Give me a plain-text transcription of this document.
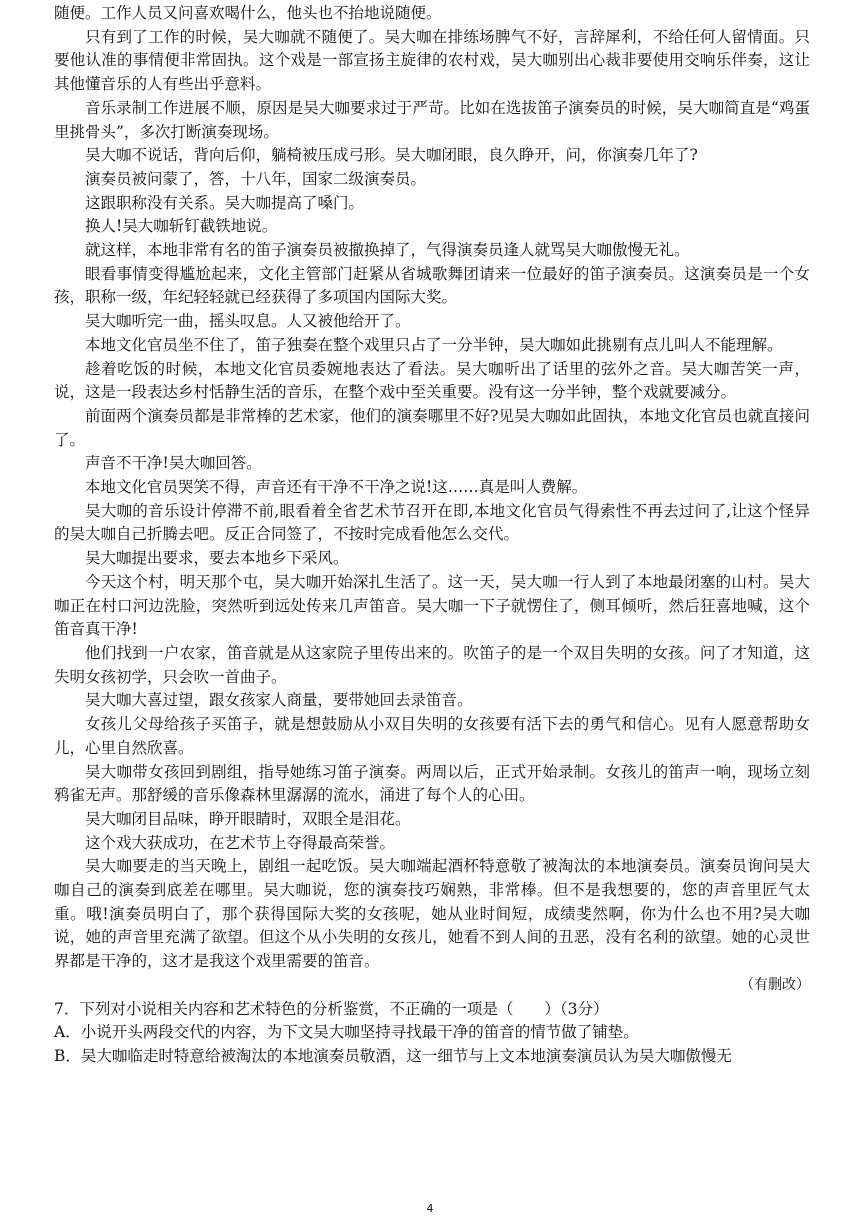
随便。工作人员又问喜欢喝什么，他头也不抬地说随便。

只有到了工作的时候，吴大咖就不随便了。吴大咖在排练场脾气不好，言辞犀利，不给任何人留情面。只要他认准的事情便非常固执。这个戏是一部宣扬主旋律的农村戏，吴大咖别出心裁非要使用交响乐伴奏，这让其他懂音乐的人有些出乎意料。

音乐录制工作进展不顺，原因是吴大咖要求过于严苛。比如在选拔笛子演奏员的时候，吴大咖简直是“鸡蛋里挑骨头”，多次打断演奏现场。

吴大咖不说话，背向后仰，躺椅被压成弓形。吴大咖闭眼，良久睁开，问，你演奏几年了?

演奏员被问蒙了，答，十八年，国家二级演奏员。

这跟职称没有关系。吴大咖提高了嗓门。

换人!吴大咖斩钉截铁地说。

就这样，本地非常有名的笛子演奏员被撤换掉了，气得演奏员逢人就骂吴大咖傲慢无礼。

眼看事情变得尴尬起来，文化主管部门赶紧从省城歌舞团请来一位最好的笛子演奏员。这演奏员是一个女孩，职称一级，年纪轻轻就已经获得了多项国内国际大奖。

吴大咖听完一曲，摇头叹息。人又被他给开了。

本地文化官员坐不住了，笛子独奏在整个戏里只占了一分半钟，吴大咖如此挑剔有点儿叫人不能理解。

趁着吃饭的时候，本地文化官员委婉地表达了看法。吴大咖听出了话里的弦外之音。吴大咖苦笑一声，说，这是一段表达乡村恬静生活的音乐，在整个戏中至关重要。没有这一分半钟，整个戏就要减分。

前面两个演奏员都是非常棒的艺术家，他们的演奏哪里不好?见吴大咖如此固执，本地文化官员也就直接问了。

声音不干净!吴大咖回答。

本地文化官员哭笑不得，声音还有干净不干净之说!这……真是叫人费解。

吴大咖的音乐设计停滞不前,眼看着全省艺术节召开在即,本地文化官员气得索性不再去过问了,让这个怪异的吴大咖自己折腾去吧。反正合同签了，不按时完成看他怎么交代。

吴大咖提出要求，要去本地乡下采风。

今天这个村，明天那个屯，吴大咖开始深扎生活了。这一天，吴大咖一行人到了本地最闭塞的山村。吴大咖正在村口河边洗脸，突然听到远处传来几声笛音。吴大咖一下子就愣住了，侧耳倾听，然后狂喜地喊，这个笛音真干净!

他们找到一户农家，笛音就是从这家院子里传出来的。吹笛子的是一个双目失明的女孩。问了才知道，这失明女孩初学，只会吹一首曲子。

吴大咖大喜过望，跟女孩家人商量，要带她回去录笛音。

女孩儿父母给孩子买笛子，就是想鼓励从小双目失明的女孩要有活下去的勇气和信心。见有人愿意帮助女儿，心里自然欣喜。

吴大咖带女孩回到剧组，指导她练习笛子演奏。两周以后，正式开始录制。女孩儿的笛声一响，现场立刻鸦雀无声。那舒缓的音乐像森林里潺潺的流水，涌进了每个人的心田。

吴大咖闭目品味，睁开眼睛时，双眼全是泪花。

这个戏大获成功，在艺术节上夺得最高荣誉。

吴大咖要走的当天晚上，剧组一起吃饭。吴大咖端起酒杯特意敬了被淘汰的本地演奏员。演奏员询问吴大咖自己的演奏到底差在哪里。吴大咖说，您的演奏技巧娴熟，非常棒。但不是我想要的，您的声音里匠气太重。哦!演奏员明白了，那个获得国际大奖的女孩呢，她从业时间短，成绩斐然啊，你为什么也不用?吴大咖说，她的声音里充满了欲望。但这个从小失明的女孩儿，她看不到人间的丑恶，没有名利的欲望。她的心灵世界都是干净的，这才是我这个戏里需要的笛音。

（有删改）

7．下列对小说相关内容和艺术特色的分析鉴赏，不正确的一项是（　　）（3分）

A．小说开头两段交代的内容，为下文吴大咖坚持寻找最干净的笛音的情节做了铺垫。

B．吴大咖临走时特意给被淘汰的本地演奏员敬酒，这一细节与上文本地演奏演员认为吴大咖傲慢无

4
